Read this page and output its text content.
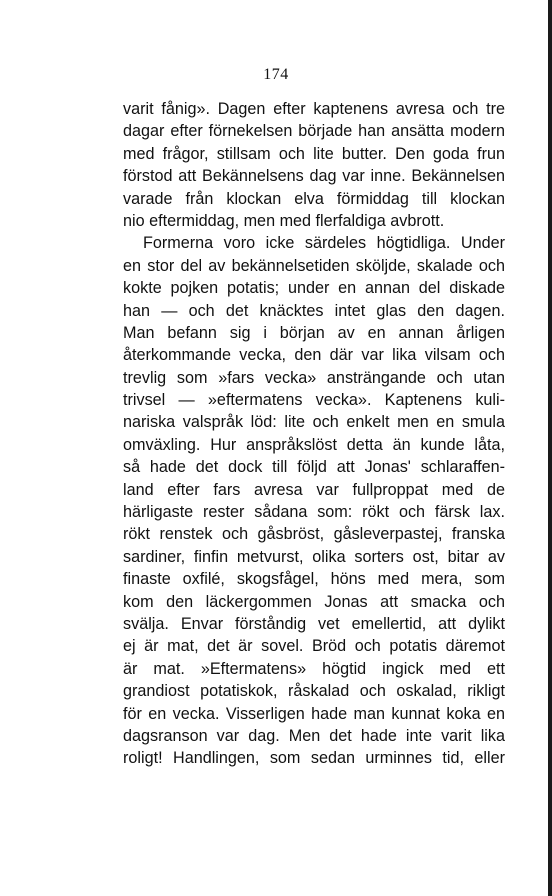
174

varit fånig». Dagen efter kaptenens avresa och tre
dagar efter förnekelsen började han ansätta modern
med frågor, stillsam och lite butter. Den goda frun
förstod att Bekännelsens dag var inne. Bekännelsen
varade från klockan elva förmiddag till klockan
nio eftermiddag, men med flerfaldiga avbrott.

Formerna voro icke särdeles högtidliga. Under
en stor del av bekännelsetiden sköljde, skalade och
kokte pojken potatis; under en annan del diskade
han — och det knäcktes intet glas den dagen.
Man befann sig i början av en annan årligen
återkommande vecka, den där var lika vilsam och
trevlig som »fars vecka» ansträngande och utan
trivsel — »eftermatens vecka». Kaptenens kuli-
nariska valspråk löd: lite och enkelt men en smula
omväxling. Hur anspråkslöst detta än kunde låta,
så hade det dock till följd att Jonas' schlaraffen-
land efter fars avresa var fullproppat med de
härligaste rester sådana som: rökt och färsk lax.
rökt renstek och gåsbröst, gåsleverpastej, franska
sardiner, finfin metvurst, olika sorters ost, bitar av
finaste oxfilé, skogsfågel, höns med mera, som
kom den läckergommen Jonas att smacka och
svälja. Envar förståndig vet emellertid, att dylikt
ej är mat, det är sovel. Bröd och potatis däremot
är mat. »Eftermatens» högtid ingick med ett
grandiost potatiskok, råskalad och oskalad, rikligt
för en vecka. Visserligen hade man kunnat koka en
dagsranson var dag. Men det hade inte varit lika
roligt! Handlingen, som sedan urminnes tid, eller
